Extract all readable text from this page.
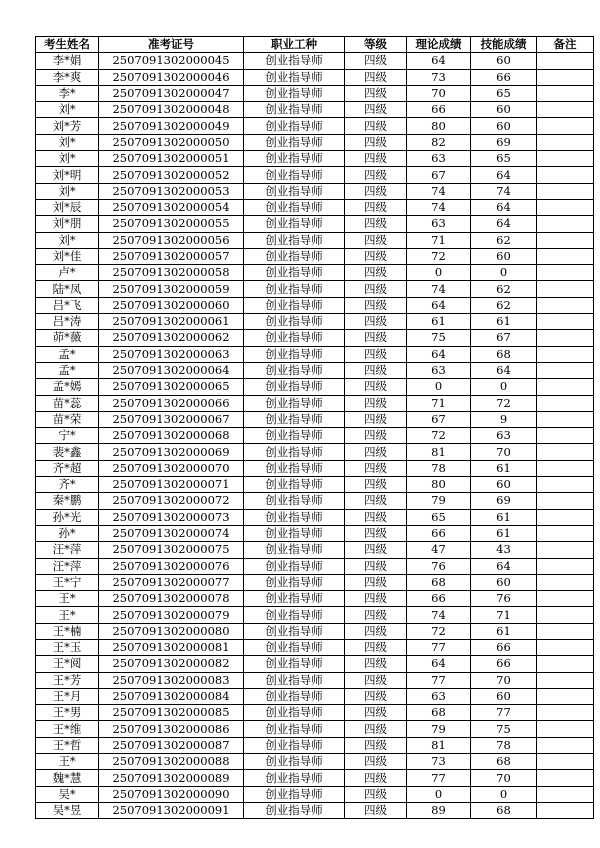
考生姓名	准考证号	职业工种	等级	理论成绩	技能成绩	备注
李*娟	2507091302000045	创业指导师	四级	64	60	
李*爽	2507091302000046	创业指导师	四级	73	66	
李*	2507091302000047	创业指导师	四级	70	65	
刘*	2507091302000048	创业指导师	四级	66	60	
刘*芳	2507091302000049	创业指导师	四级	80	60	
刘*	2507091302000050	创业指导师	四级	82	69	
刘*	2507091302000051	创业指导师	四级	63	65	
刘*明	2507091302000052	创业指导师	四级	67	64	
刘*	2507091302000053	创业指导师	四级	74	74	
刘*辰	2507091302000054	创业指导师	四级	74	64	
刘*朋	2507091302000055	创业指导师	四级	63	64	
刘*	2507091302000056	创业指导师	四级	71	62	
刘*佳	2507091302000057	创业指导师	四级	72	60	
卢*	2507091302000058	创业指导师	四级	0	0	
陆*凤	2507091302000059	创业指导师	四级	74	62	
吕*飞	2507091302000060	创业指导师	四级	64	62	
吕*涛	2507091302000061	创业指导师	四级	61	61	
茆*薇	2507091302000062	创业指导师	四级	75	67	
孟*	2507091302000063	创业指导师	四级	64	68	
孟*	2507091302000064	创业指导师	四级	63	64	
孟*嫣	2507091302000065	创业指导师	四级	0	0	
苗*蕊	2507091302000066	创业指导师	四级	71	72	
苗*荣	2507091302000067	创业指导师	四级	67	9	
宁*	2507091302000068	创业指导师	四级	72	63	
裴*鑫	2507091302000069	创业指导师	四级	81	70	
齐*超	2507091302000070	创业指导师	四级	78	61	
齐*	2507091302000071	创业指导师	四级	80	60	
秦*鹏	2507091302000072	创业指导师	四级	79	69	
孙*光	2507091302000073	创业指导师	四级	65	61	
孙*	2507091302000074	创业指导师	四级	66	61	
汪*萍	2507091302000075	创业指导师	四级	47	43	
汪*萍	2507091302000076	创业指导师	四级	76	64	
王*宁	2507091302000077	创业指导师	四级	68	60	
王*	2507091302000078	创业指导师	四级	66	76	
王*	2507091302000079	创业指导师	四级	74	71	
王*楠	2507091302000080	创业指导师	四级	72	61	
王*玉	2507091302000081	创业指导师	四级	77	66	
王*阅	2507091302000082	创业指导师	四级	64	66	
王*芳	2507091302000083	创业指导师	四级	77	70	
王*月	2507091302000084	创业指导师	四级	63	60	
王*男	2507091302000085	创业指导师	四级	68	77	
王*维	2507091302000086	创业指导师	四级	79	75	
王*哲	2507091302000087	创业指导师	四级	81	78	
王*	2507091302000088	创业指导师	四级	73	68	
魏*慧	2507091302000089	创业指导师	四级	77	70	
吴*	2507091302000090	创业指导师	四级	0	0	
吴*昱	2507091302000091	创业指导师	四级	89	68	
